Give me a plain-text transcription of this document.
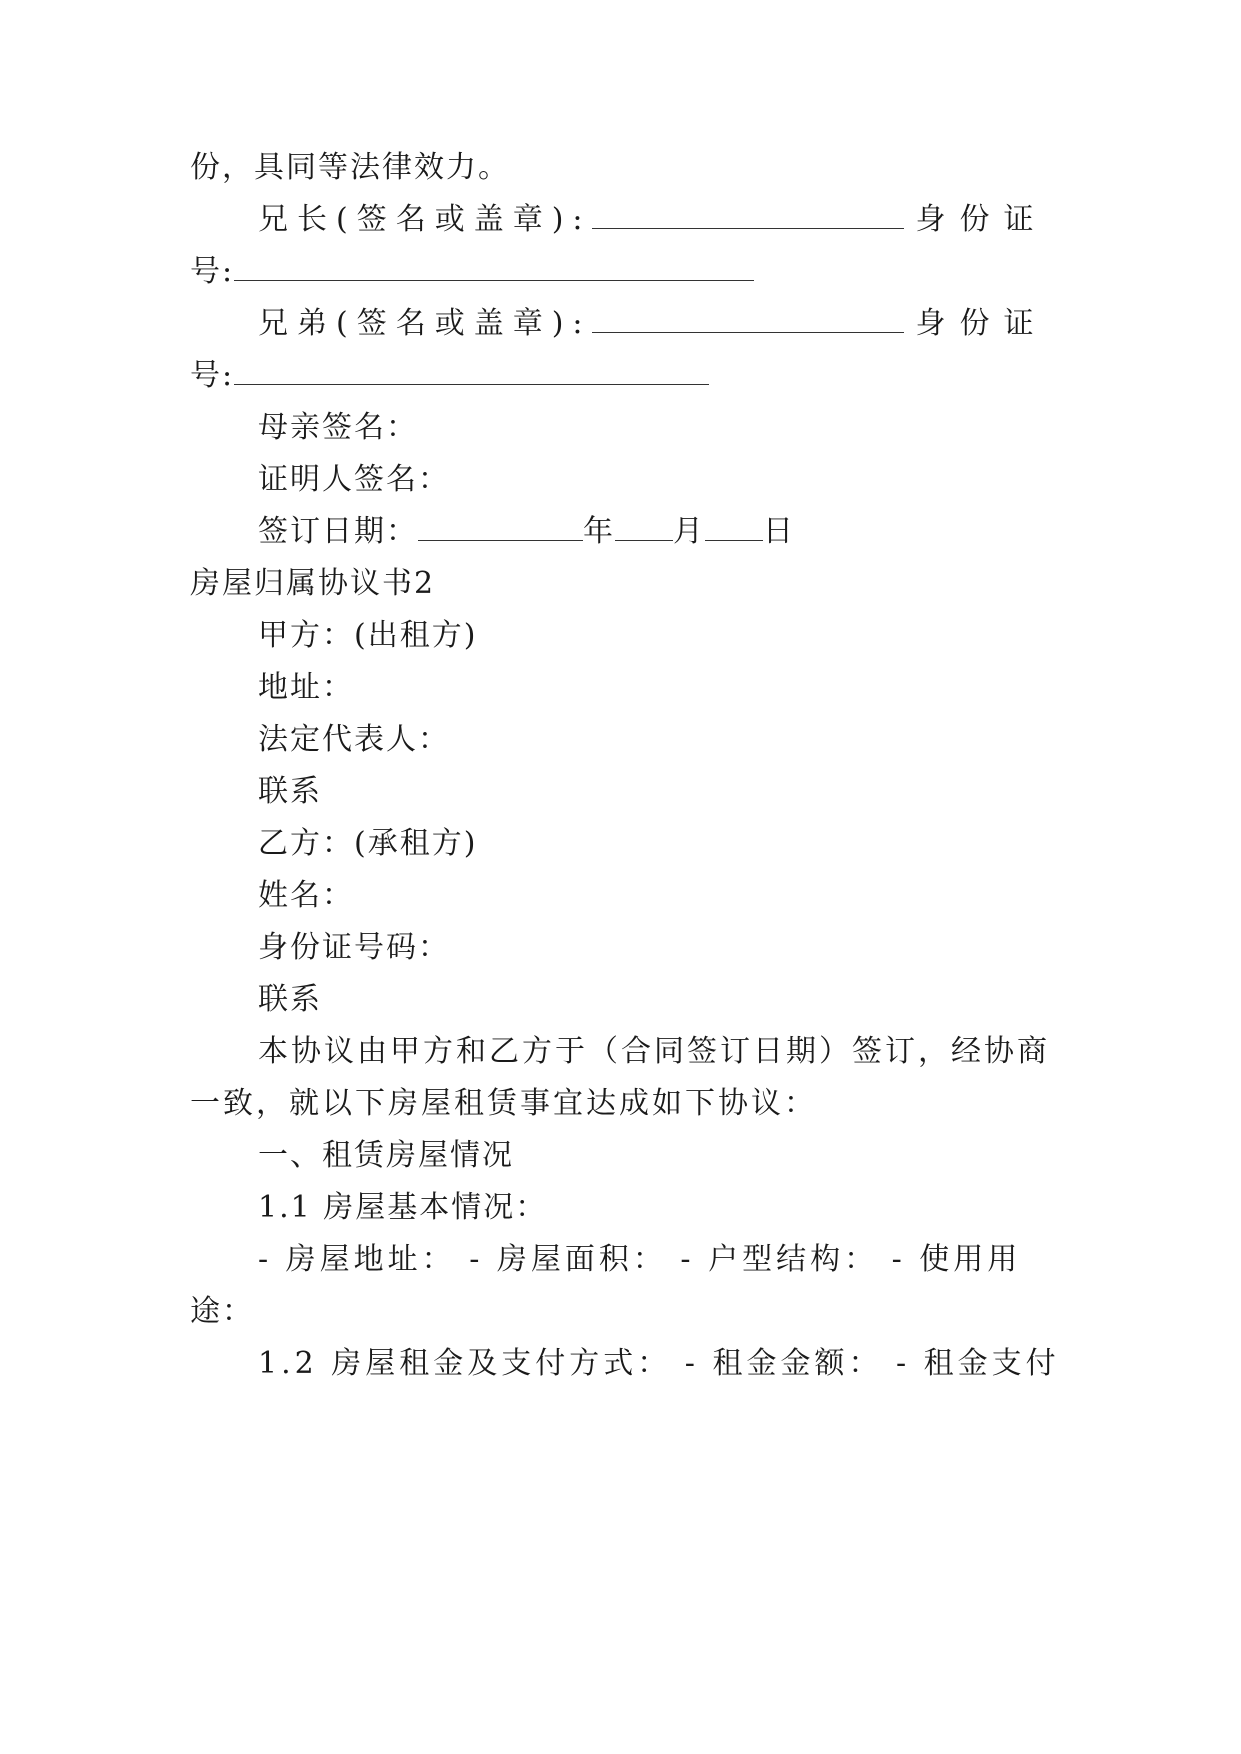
份，具同等法律效力。
兄长(签名或盖章):	身份证
号:
兄弟(签名或盖章):	身份证
号:
母亲签名：
证明人签名：
签订日期：	年 月 日
房屋归属协议书2
甲方：(出租方)
地址：
法定代表人：
联系
乙方：(承租方)
姓名：
身份证号码：
联系
本协议由甲方和乙方于（合同签订日期）签订，经协商
一致，就以下房屋租赁事宜达成如下协议：
一、租赁房屋情况
1.1 房屋基本情况：
- 房屋地址： - 房屋面积： - 户型结构： - 使用用
途：
1.2 房屋租金及支付方式： - 租金金额： - 租金支付
